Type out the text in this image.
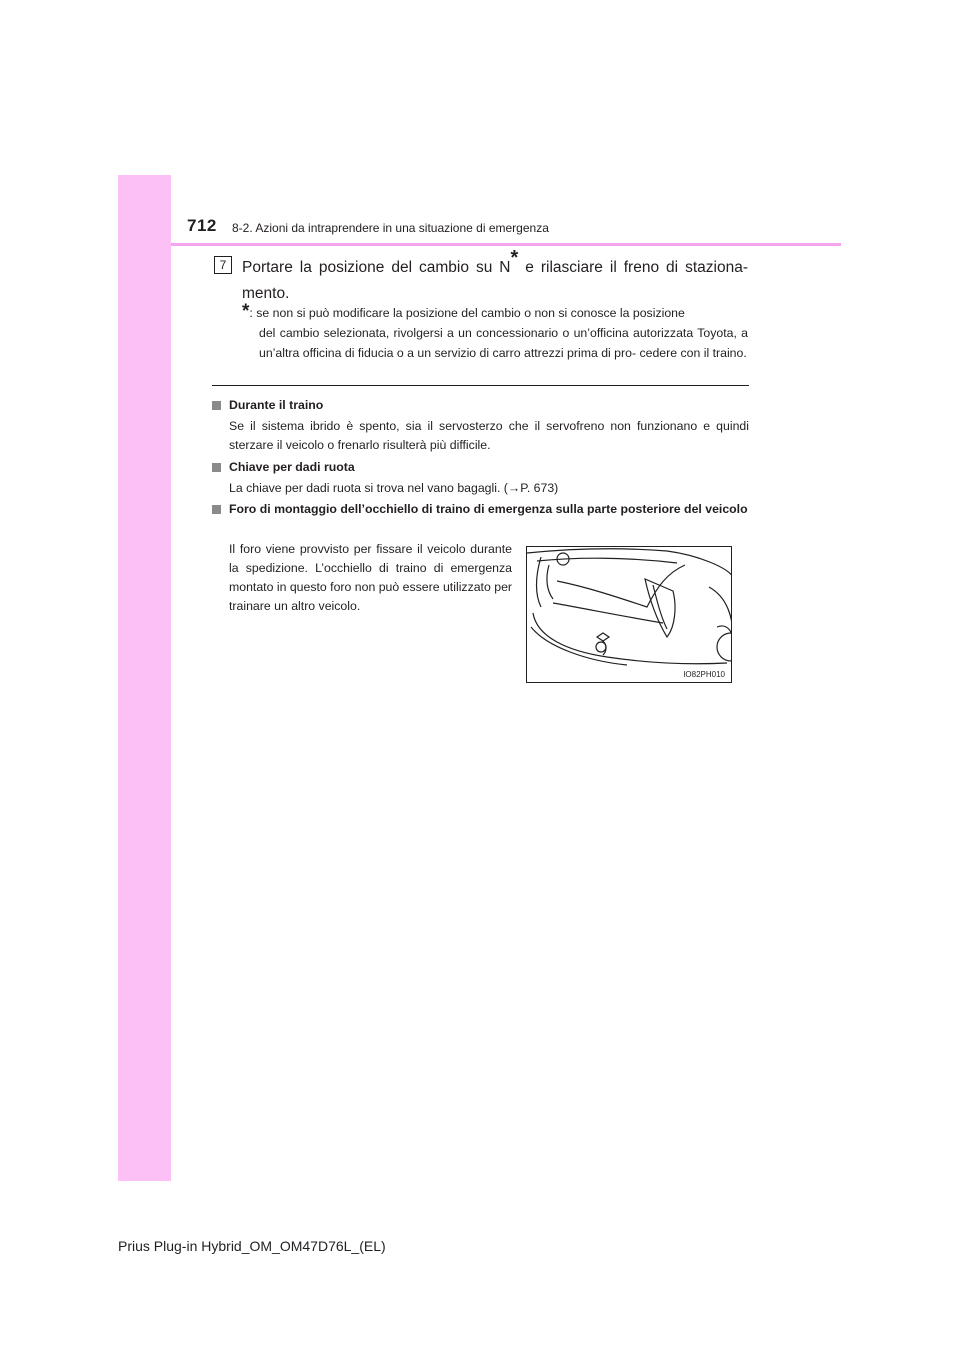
712 8-2. Azioni da intraprendere in una situazione di emergenza
7	Portare la posizione del cambio su N* e rilasciare il freno di staziona- mento.
*: se non si può modificare la posizione del cambio o non si conosce la posizione
del cambio selezionata, rivolgersi a un concessionario o un’officina autorizzata Toyota, a un’altra officina di fiducia o a un servizio di carro attrezzi prima di pro- cedere con il traino.
Durante il traino
Se il sistema ibrido è spento, sia il servosterzo che il servofreno non funzionano e quindi sterzare il veicolo o frenarlo risulterà più difficile.
Chiave per dadi ruota
La chiave per dadi ruota si trova nel vano bagagli. (→P. 673)
Foro di montaggio dell’occhiello di traino di emergenza sulla parte posteriore del veicolo
Il foro viene provvisto per fissare il veicolo durante la spedizione. L’occhiello di traino di emergenza montato in questo foro non può essere utilizzato per trainare un altro veicolo.
IO82PH010
Prius Plug-in Hybrid_OM_OM47D76L_(EL)
